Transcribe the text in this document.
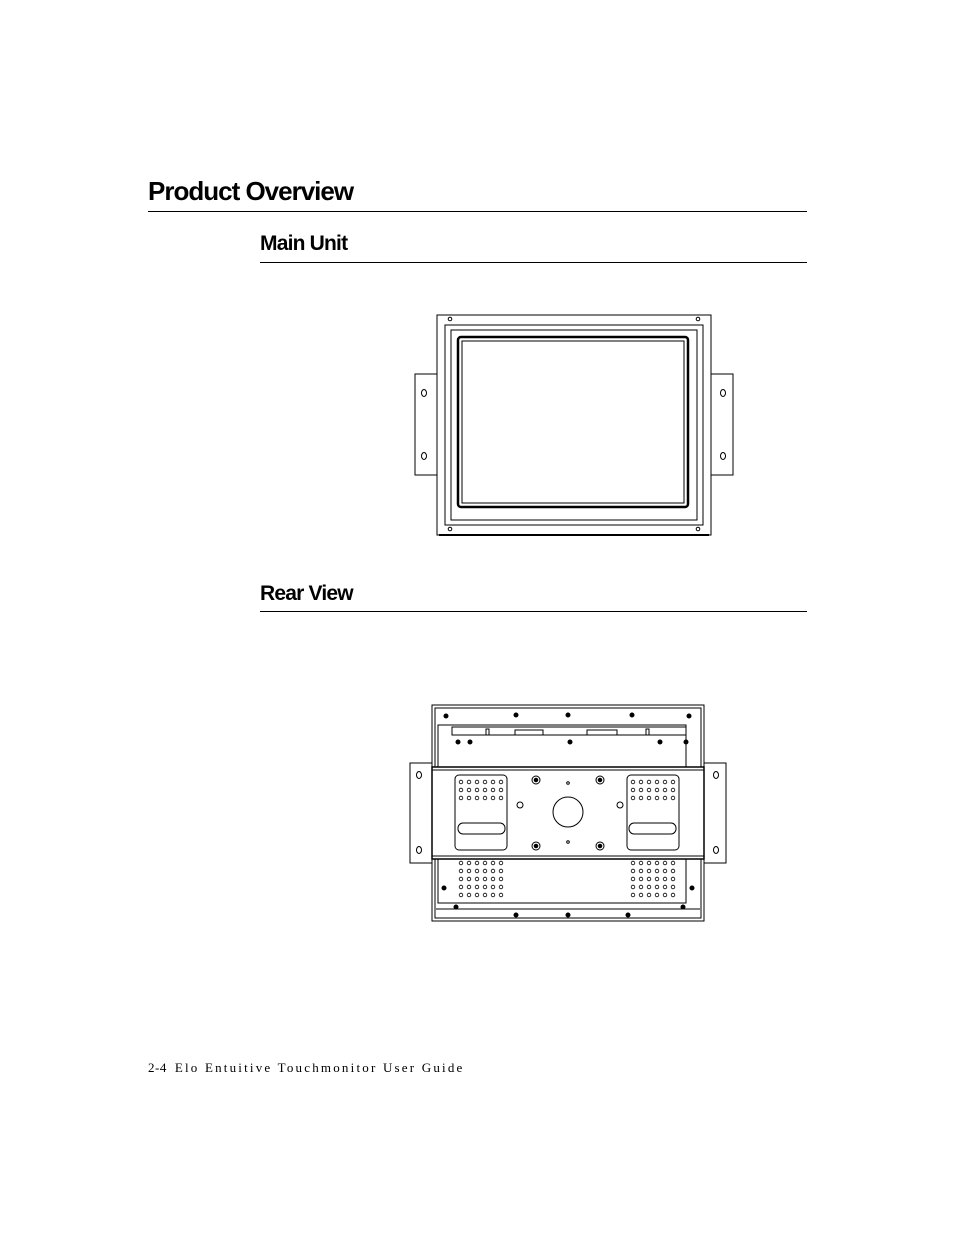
Product Overview
Main Unit
Rear View
2-4 Elo Entuitive Touchmonitor User Guide
